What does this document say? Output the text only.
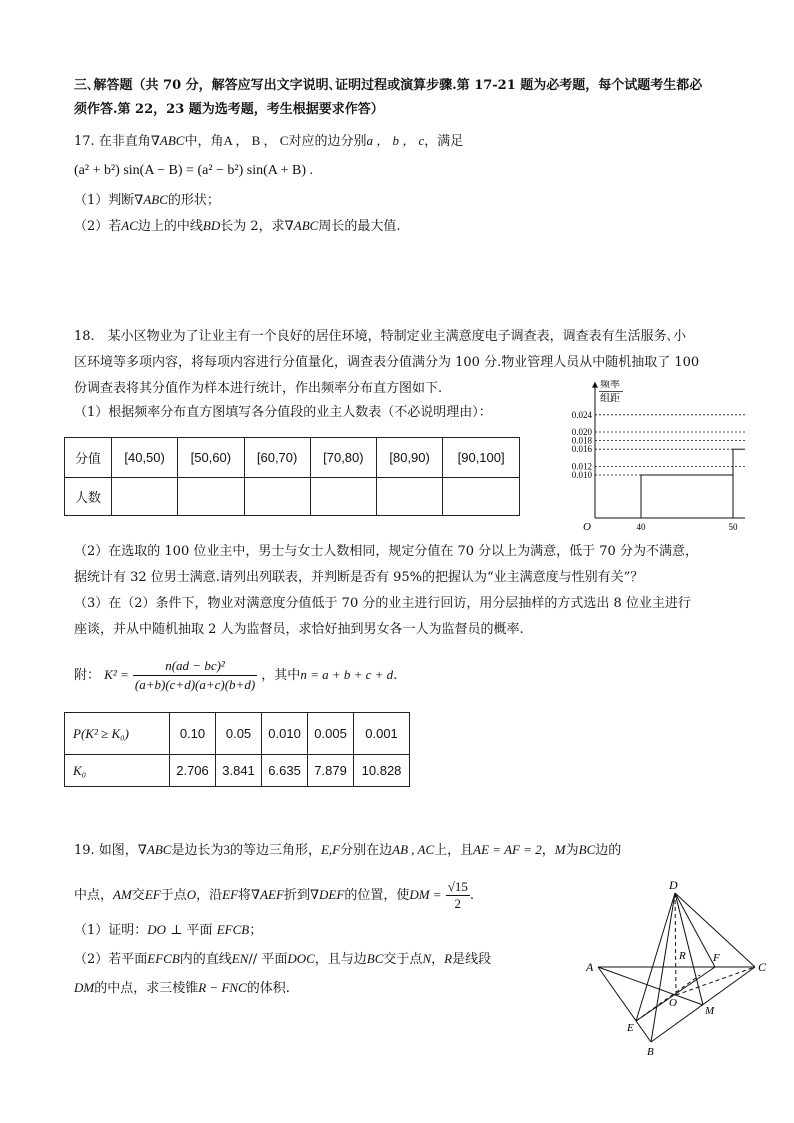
三､解答题（共 70 分，解答应写出文字说明､证明过程或演算步骤.第 17-21 题为必考题，每个试题考生都必
须作答.第 22，23 题为选考题，考生根据要求作答）
17. 在非直角∇ABC中，角A ， B ， C对应的边分别a ， b ， c，满足
(a² + b²) sin(A − B) = (a² − b²) sin(A + B) .
（1）判断∇ABC的形状；
（2）若AC边上的中线BD长为 2，求∇ABC周长的最大值.
18.　某小区物业为了让业主有一个良好的居住环境，特制定业主满意度电子调查表，调查表有生活服务､小
区环境等多项内容，将每项内容进行分值量化，调查表分值满分为 100 分.物业管理人员从中随机抽取了 100
份调查表将其分值作为样本进行统计，作出频率分布直方图如下.
（1）根据频率分布直方图填写各分值段的业主人数表（不必说明理由）：
分值	[40,50)	[50,60)	[60,70)	[70,80)	[80,90)	[90,100]
人数						
0.010
0.012
0.016
0.018
0.020
0.024
40	50
O
频率
组距
（2）在选取的 100 位业主中，男士与女士人数相同，规定分值在 70 分以上为满意，低于 70 分为不满意，
据统计有 32 位男士满意.请列出列联表，并判断是否有 95%的把握认为“业主满意度与性别有关”？
（3）在（2）条件下，物业对满意度分值低于 70 分的业主进行回访，用分层抽样的方式选出 8 位业主进行
座谈，并从中随机抽取 2 人为监督员，求恰好抽到男女各一人为监督员的概率.
附： $K^2 = \frac{\text{n(ad − bc)²}}{(a+b)(c+d)(a+c)(b+d)}$ ，其中n = a + b + c + d.
P(K² ≥ K₀)	0.10	0.05	0.010	0.005	0.001
K₀	2.706	3.841	6.635	7.879	10.828
19. 如图，∇ABC是边长为3的等边三角形，E,F分别在边AB , AC上，且AE = AF = 2，M为BC边的
中点，AM交EF于点O，沿EF将∇AEF折到∇DEF的位置，使DM = $\frac{√15}{2}$ .
（1）证明：DO ⊥ 平面 EFCB；
（2）若平面EFCB内的直线EN// 平面DOC，且与边BC交于点N，R是线段
DM的中点，求三棱锥R − FNC的体积.
D
A	C
R F
O
M
E
B
